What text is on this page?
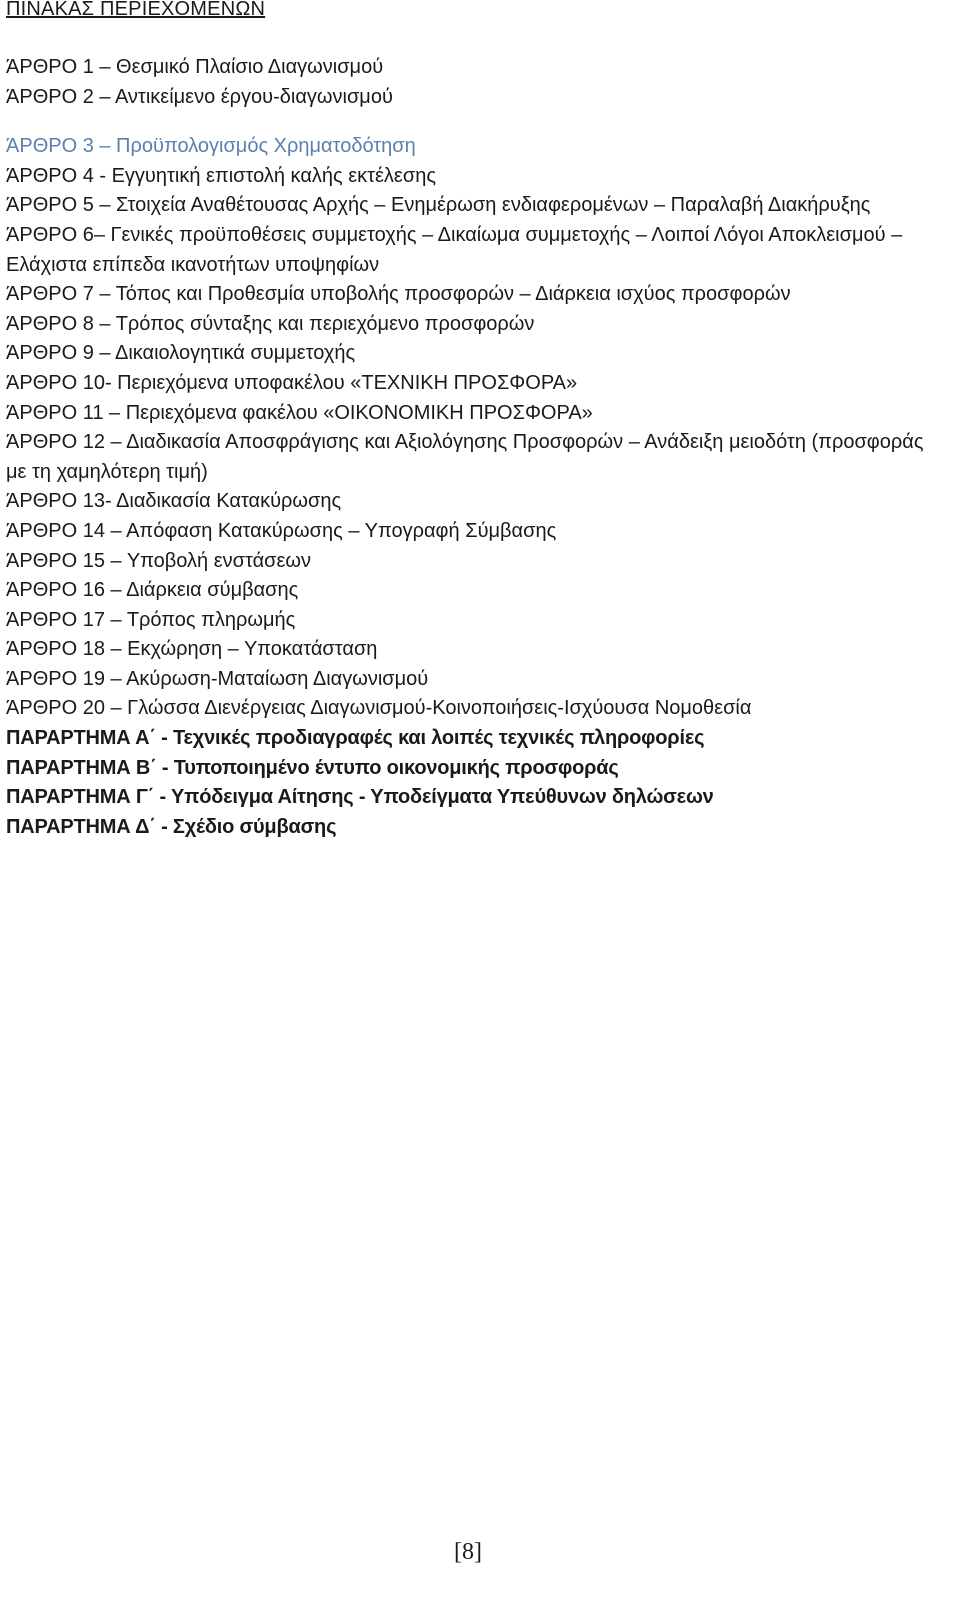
ΠΙΝΑΚΑΣ ΠΕΡΙΕΧΟΜΕΝΩΝ
ΆΡΘΡΟ 1 – Θεσμικό Πλαίσιο Διαγωνισμού
ΆΡΘΡΟ 2 – Αντικείμενο έργου-διαγωνισμού
ΆΡΘΡΟ 3 – Προϋπολογισμός Χρηματοδότηση
ΆΡΘΡΟ 4 - Εγγυητική επιστολή καλής εκτέλεσης
ΆΡΘΡΟ 5 – Στοιχεία Αναθέτουσας Αρχής – Ενημέρωση ενδιαφερομένων – Παραλαβή Διακήρυξης
ΆΡΘΡΟ 6– Γενικές προϋποθέσεις συμμετοχής – Δικαίωμα συμμετοχής – Λοιποί Λόγοι Αποκλεισμού – Ελάχιστα επίπεδα ικανοτήτων υποψηφίων
ΆΡΘΡΟ 7 – Τόπος και Προθεσμία υποβολής προσφορών – Διάρκεια ισχύος προσφορών
ΆΡΘΡΟ 8 – Τρόπος σύνταξης και περιεχόμενο προσφορών
ΆΡΘΡΟ 9 – Δικαιολογητικά συμμετοχής
ΆΡΘΡΟ 10- Περιεχόμενα υποφακέλου «ΤΕΧΝΙΚΗ ΠΡΟΣΦΟΡΑ»
ΆΡΘΡΟ 11 – Περιεχόμενα φακέλου «ΟΙΚΟΝΟΜΙΚΗ ΠΡΟΣΦΟΡΑ»
ΆΡΘΡΟ 12 – Διαδικασία Αποσφράγισης και Αξιολόγησης Προσφορών – Ανάδειξη μειοδότη (προσφοράς με τη χαμηλότερη τιμή)
ΆΡΘΡΟ 13- Διαδικασία Κατακύρωσης
ΆΡΘΡΟ 14 – Απόφαση Κατακύρωσης – Υπογραφή Σύμβασης
ΆΡΘΡΟ 15 – Υποβολή ενστάσεων
ΆΡΘΡΟ 16 – Διάρκεια σύμβασης
ΆΡΘΡΟ 17 – Τρόπος πληρωμής
ΆΡΘΡΟ 18 – Εκχώρηση – Υποκατάσταση
ΆΡΘΡΟ 19 – Ακύρωση-Ματαίωση Διαγωνισμού
ΆΡΘΡΟ 20 – Γλώσσα Διενέργειας Διαγωνισμού-Κοινοποιήσεις-Ισχύουσα Νομοθεσία
ΠΑΡΑΡΤΗΜΑ Α΄ - Τεχνικές προδιαγραφές και λοιπές τεχνικές πληροφορίες
ΠΑΡΑΡΤΗΜΑ Β΄ - Τυποποιημένο έντυπο οικονομικής προσφοράς
ΠΑΡΑΡΤΗΜΑ Γ΄ - Υπόδειγμα Αίτησης - Υποδείγματα Υπεύθυνων δηλώσεων
ΠΑΡΑΡΤΗΜΑ Δ΄ - Σχέδιο σύμβασης
[8]
